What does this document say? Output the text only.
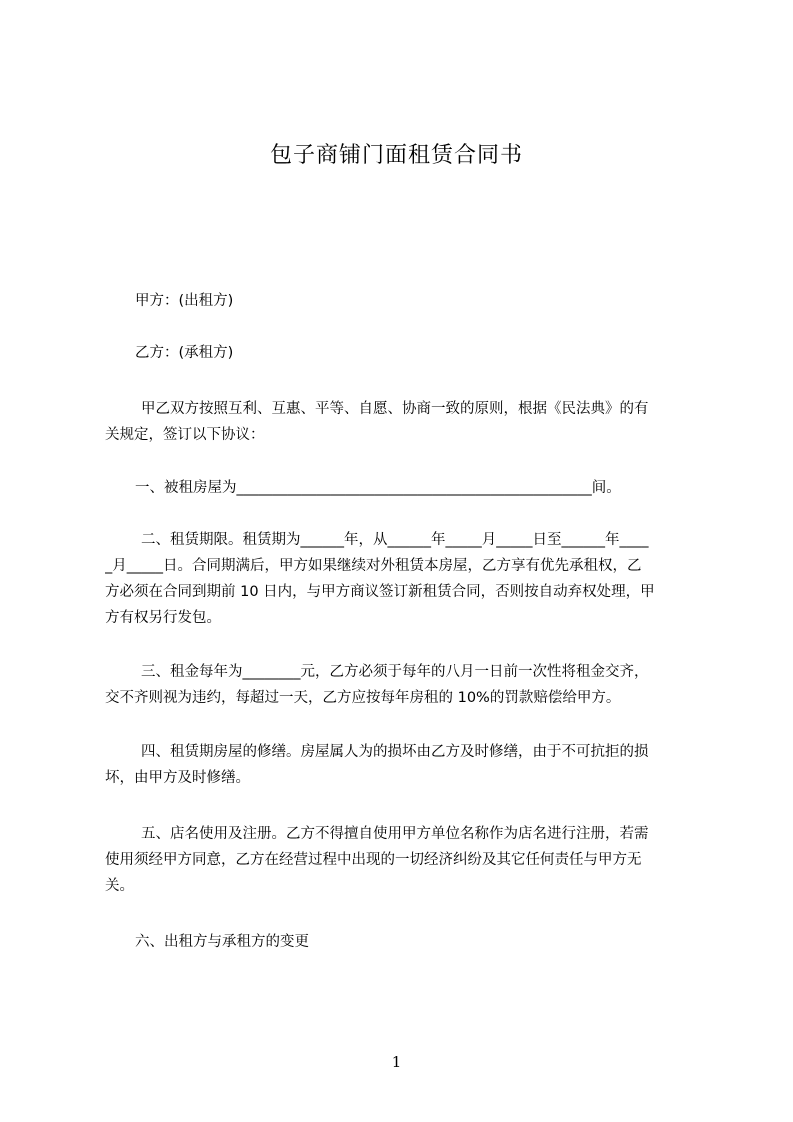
包子商铺门面租赁合同书
甲方：(出租方)
乙方：(承租方)
甲乙双方按照互利、互惠、平等、自愿、协商一致的原则，根据《民法典》的有
关规定，签订以下协议：
一、被租房屋为_________________________________________________间。
二、租赁期限。租赁期为______年，从______年_____月_____日至______年____
_月_____日。合同期满后，甲方如果继续对外租赁本房屋，乙方享有优先承租权，乙
方必须在合同到期前 10 日内，与甲方商议签订新租赁合同，否则按自动弃权处理，甲
方有权另行发包。
三、租金每年为________元，乙方必须于每年的八月一日前一次性将租金交齐，
交不齐则视为违约，每超过一天，乙方应按每年房租的 10%的罚款赔偿给甲方。
四、租赁期房屋的修缮。房屋属人为的损坏由乙方及时修缮，由于不可抗拒的损
坏，由甲方及时修缮。
五、店名使用及注册。乙方不得擅自使用甲方单位名称作为店名进行注册，若需
使用须经甲方同意，乙方在经营过程中出现的一切经济纠纷及其它任何责任与甲方无
关。
六、出租方与承租方的变更
1
